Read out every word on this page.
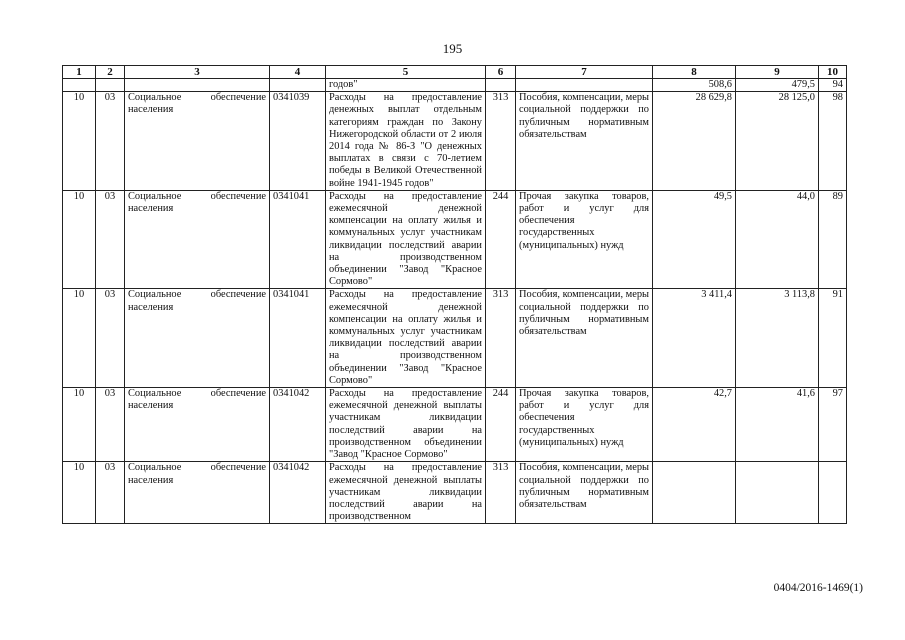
195
1	2	3	4	5	6	7	8	9	10
				годов"			508,6	479,5	94
10	03	Социальное обеспечение населения	0341039	Расходы на предоставление денежных выплат отдельным категориям граждан по Закону Нижегородской области от 2 июля 2014 года № 86-З "О денежных выплатах в связи с 70-летием победы в Великой Отечественной войне 1941-1945 годов"	313	Пособия, компенсации, меры социальной поддержки по публичным нормативным обязательствам	28 629,8	28 125,0	98
10	03	Социальное обеспечение населения	0341041	Расходы на предоставление ежемесячной денежной компенсации на оплату жилья и коммунальных услуг участникам ликвидации последствий аварии на производственном объединении "Завод "Красное Сормово"	244	Прочая закупка товаров, работ и услуг для обеспечения государственных (муниципальных) нужд	49,5	44,0	89
10	03	Социальное обеспечение населения	0341041	Расходы на предоставление ежемесячной денежной компенсации на оплату жилья и коммунальных услуг участникам ликвидации последствий аварии на производственном объединении "Завод "Красное Сормово"	313	Пособия, компенсации, меры социальной поддержки по публичным нормативным обязательствам	3 411,4	3 113,8	91
10	03	Социальное обеспечение населения	0341042	Расходы на предоставление ежемесячной денежной выплаты участникам ликвидации последствий аварии на производственном объединении "Завод "Красное Сормово"	244	Прочая закупка товаров, работ и услуг для обеспечения государственных (муниципальных) нужд	42,7	41,6	97
10	03	Социальное обеспечение населения	0341042	Расходы на предоставление ежемесячной денежной выплаты участникам ликвидации последствий аварии на производственном	313	Пособия, компенсации, меры социальной поддержки по публичным нормативным обязательствам			
0404/2016-1469(1)
